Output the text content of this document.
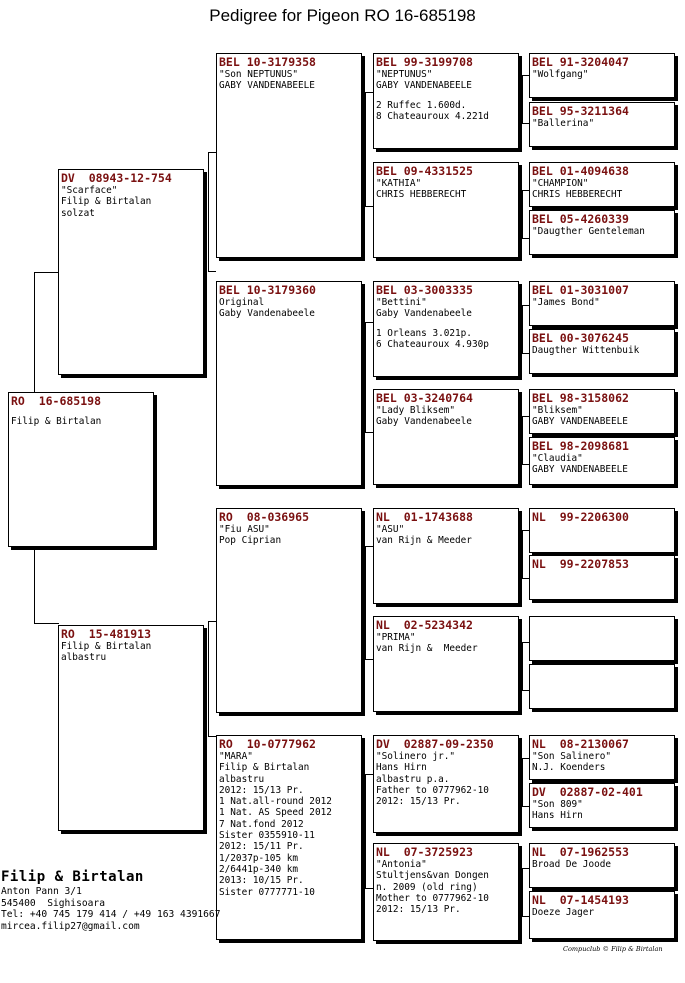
Pedigree for Pigeon RO 16-685198
RO  16-685198
Filip & Birtalan
DV  08943-12-754
"Scarface"
Filip & Birtalan
solzat
RO  15-481913
Filip & Birtalan
albastru
BEL 10-3179358
"Son NEPTUNUS"
GABY VANDENABEELE
BEL 10-3179360
Original
Gaby Vandenabeele
RO  08-036965
"Fiu ASU"
Pop Ciprian
RO  10-0777962
"MARA"
Filip & Birtalan
albastru
2012: 15/13 Pr.
1 Nat.all-round 2012
1 Nat. AS Speed 2012
7 Nat.fond 2012
Sister 0355910-11
2012: 15/11 Pr.
1/2037p-105 km
2/6441p-340 km
2013: 10/15 Pr.
Sister 0777771-10
BEL 99-3199708
"NEPTUNUS"
GABY VANDENABEELE
2 Ruffec 1.600d.
8 Chateauroux 4.221d
BEL 09-4331525
"KATHIA"
CHRIS HEBBERECHT
BEL 03-3003335
"Bettini"
Gaby Vandenabeele
1 Orleans 3.021p.
6 Chateauroux 4.930p
BEL 03-3240764
"Lady Bliksem"
Gaby Vandenabeele
NL  01-1743688
"ASU"
van Rijn & Meeder
NL  02-5234342
"PRIMA"
van Rijn &  Meeder
DV  02887-09-2350
"Solinero jr."
Hans Hirn
albastru p.a.
Father to 0777962-10
2012: 15/13 Pr.
NL  07-3725923
"Antonia"
Stultjens&van Dongen
n. 2009 (old ring)
Mother to 0777962-10
2012: 15/13 Pr.
BEL 91-3204047
"Wolfgang"
BEL 95-3211364
"Ballerina"
BEL 01-4094638
"CHAMPION"
CHRIS HEBBERECHT
BEL 05-4260339
"Daugther Genteleman
BEL 01-3031007
"James Bond"
BEL 00-3076245
Daugther Wittenbuik
BEL 98-3158062
"Bliksem"
GABY VANDENABEELE
BEL 98-2098681
"Claudia"
GABY VANDENABEELE
NL  99-2206300
NL  99-2207853
NL  08-2130067
"Son Salinero"
N.J. Koenders
DV  02887-02-401
"Son 809"
Hans Hirn
NL  07-1962553
Broad De Joode
NL  07-1454193
Doeze Jager
Filip & Birtalan
Anton Pann 3/1
545400  Sighisoara
Tel: +40 745 179 414 / +49 163 4391667
mircea.filip27@gmail.com
Compuclub © Filip & Birtalan
